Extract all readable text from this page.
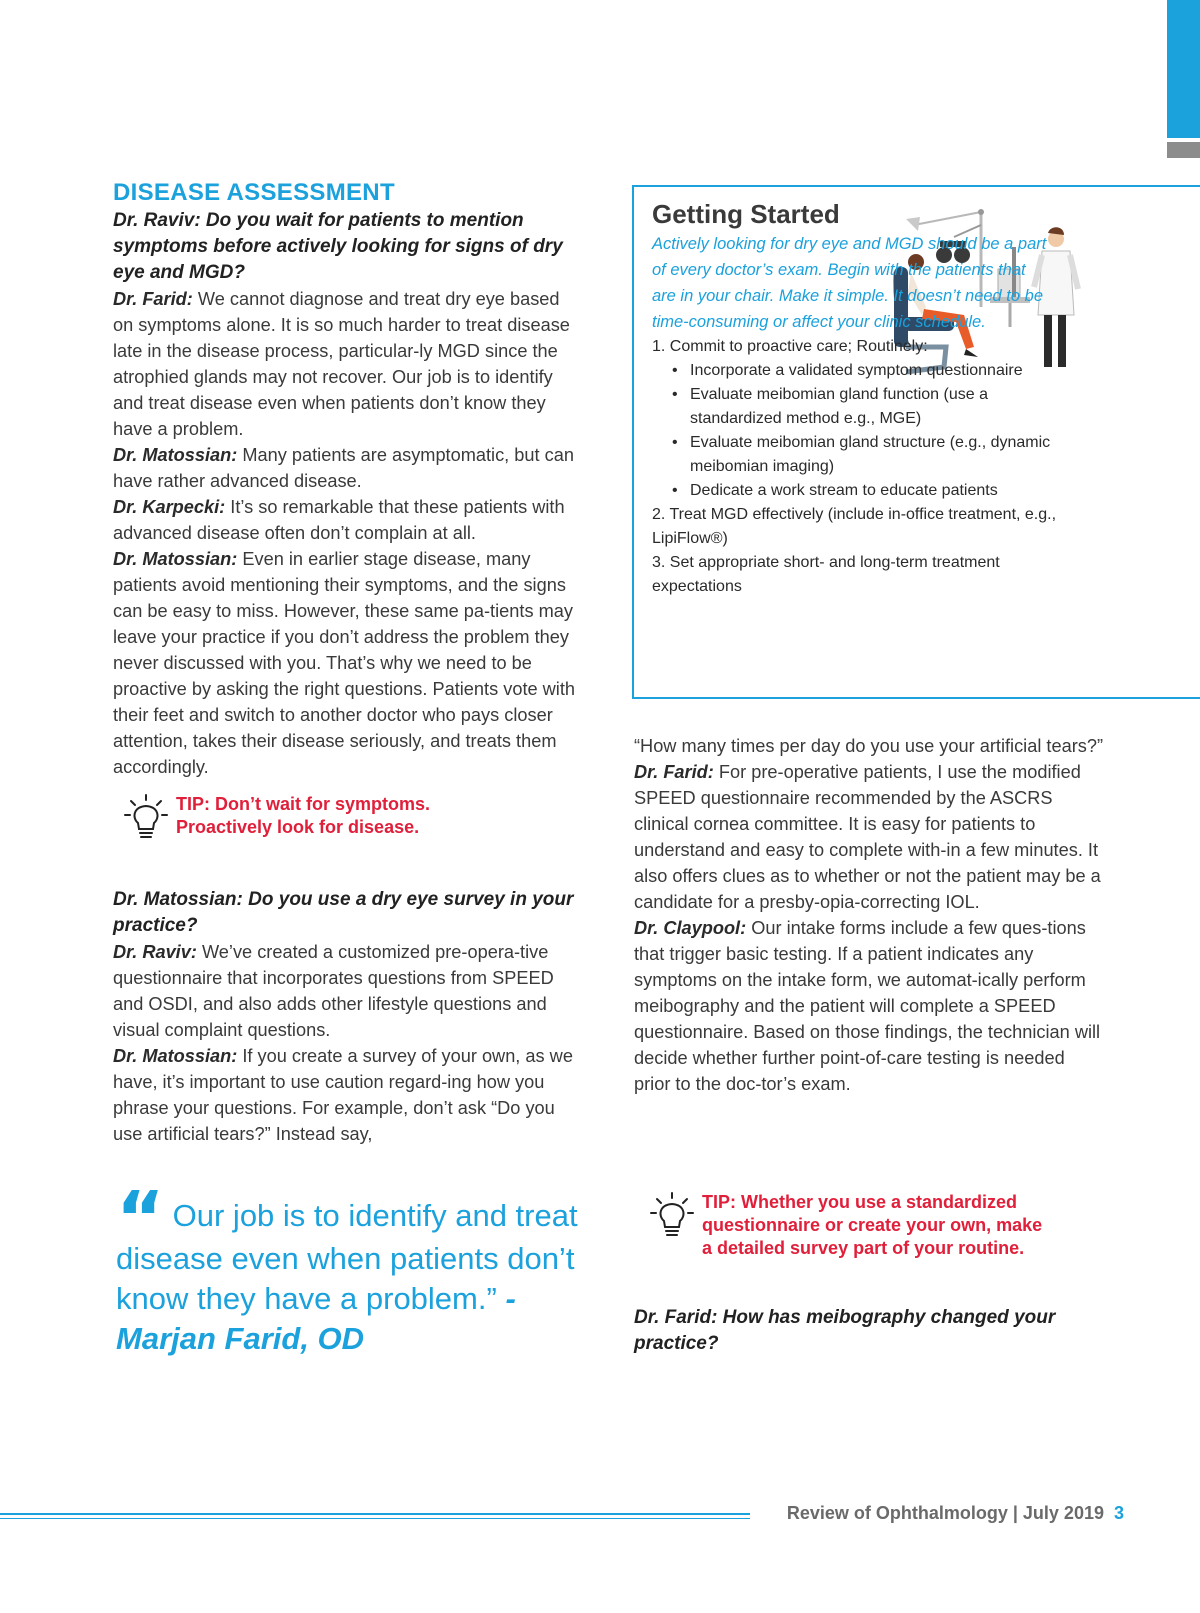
DISEASE ASSESSMENT

Dr. Raviv: Do you wait for patients to mention symptoms before actively looking for signs of dry eye and MGD?

Dr. Farid: We cannot diagnose and treat dry eye based on symptoms alone. It is so much harder to treat disease late in the disease process, particular-ly MGD since the atrophied glands may not recover. Our job is to identify and treat disease even when patients don’t know they have a problem.

Dr. Matossian: Many patients are asymptomatic, but can have rather advanced disease.

Dr. Karpecki: It’s so remarkable that these patients with advanced disease often don’t complain at all.

Dr. Matossian: Even in earlier stage disease, many patients avoid mentioning their symptoms, and the signs can be easy to miss. However, these same pa-tients may leave your practice if you don’t address the problem they never discussed with you. That’s why we need to be proactive by asking the right questions. Patients vote with their feet and switch to another doctor who pays closer attention, takes their disease seriously, and treats them accordingly.

TIP: Don’t wait for symptoms.
Proactively look for disease.

Dr. Matossian: Do you use a dry eye survey in your practice?

Dr. Raviv: We’ve created a customized pre-opera-tive questionnaire that incorporates questions from SPEED and OSDI, and also adds other lifestyle questions and visual complaint questions.

Dr. Matossian: If you create a survey of your own, as we have, it’s important to use caution regard-ing how you phrase your questions. For example, don’t ask “Do you use artificial tears?” Instead say,

“ Our job is to identify and treat disease even when patients don’t know they have a problem.” - Marjan Farid, OD
Getting Started

Actively looking for dry eye and MGD should be a part of every doctor’s exam. Begin with the patients that are in your chair. Make it simple. It doesn’t need to be time-consuming or affect your clinic schedule.

1. Commit to proactive care; Routinely:

• Incorporate a validated symptom questionnaire
• Evaluate meibomian gland function (use a standardized method e.g., MGE)
• Evaluate meibomian gland structure (e.g., dynamic meibomian imaging)
• Dedicate a work stream to educate patients

2. Treat MGD effectively (include in-office treatment, e.g., LipiFlow®)

3. Set appropriate short- and long-term treatment expectations

“How many times per day do you use your artificial tears?”

Dr. Farid: For pre-operative patients, I use the modified SPEED questionnaire recommended by the ASCRS clinical cornea committee. It is easy for patients to understand and easy to complete with-in a few minutes. It also offers clues as to whether or not the patient may be a candidate for a presby-opia-correcting IOL.

Dr. Claypool: Our intake forms include a few ques-tions that trigger basic testing. If a patient indicates any symptoms on the intake form, we automat-ically perform meibography and the patient will complete a SPEED questionnaire. Based on those findings, the technician will decide whether further point-of-care testing is needed prior to the doc-tor’s exam.

TIP: Whether you use a standardized
questionnaire or create your own, make
a detailed survey part of your routine.

Dr. Farid: How has meibography changed your practice?

Review of Ophthalmology | July 2019 3
